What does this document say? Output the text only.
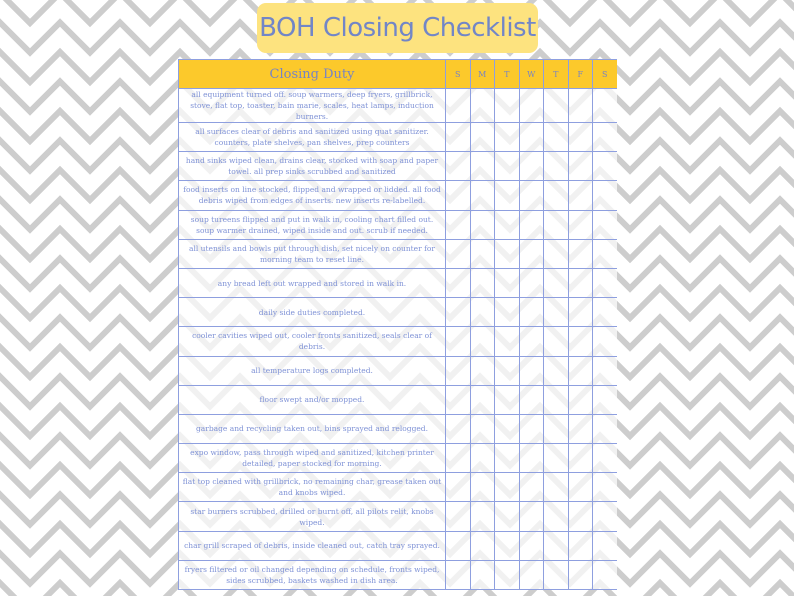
BOH Closing Checklist
Closing Duty	S	M	T	W	T	F	S
all equipment turned off. soup warmers, deep fryers, grillbrick, stove, flat top, toaster, bain marie, scales, heat lamps, induction burners.							
all surfaces clear of debris and sanitized using quat sanitizer. counters, plate shelves, pan shelves, prep counters							
hand sinks wiped clean, drains clear, stocked with soap and paper towel. all prep sinks scrubbed and sanitized							
food inserts on line stocked, flipped and wrapped or lidded. all food debris wiped from edges of inserts. new inserts re-labelled.							
soup tureens flipped and put in walk in, cooling chart filled out. soup warmer drained, wiped inside and out. scrub if needed.							
all utensils and bowls put through dish, set nicely on counter for morning team to reset line.							
any bread left out wrapped and stored in walk in.							
daily side duties completed.							
cooler cavities wiped out, cooler fronts sanitized, seals clear of debris.							
all temperature logs completed.							
floor swept and/or mopped.							
garbage and recycling taken out, bins sprayed and relogged.							
expo window, pass through wiped and sanitized, kitchen printer detailed, paper stocked for morning.							
flat top cleaned with grillbrick, no remaining char, grease taken out and knobs wiped.							
star burners scrubbed, drilled or burnt off, all pilots relit, knobs wiped.							
char grill scraped of debris, inside cleaned out, catch tray sprayed.							
fryers filtered or oil changed depending on schedule, fronts wiped, sides scrubbed, baskets washed in dish area.							
